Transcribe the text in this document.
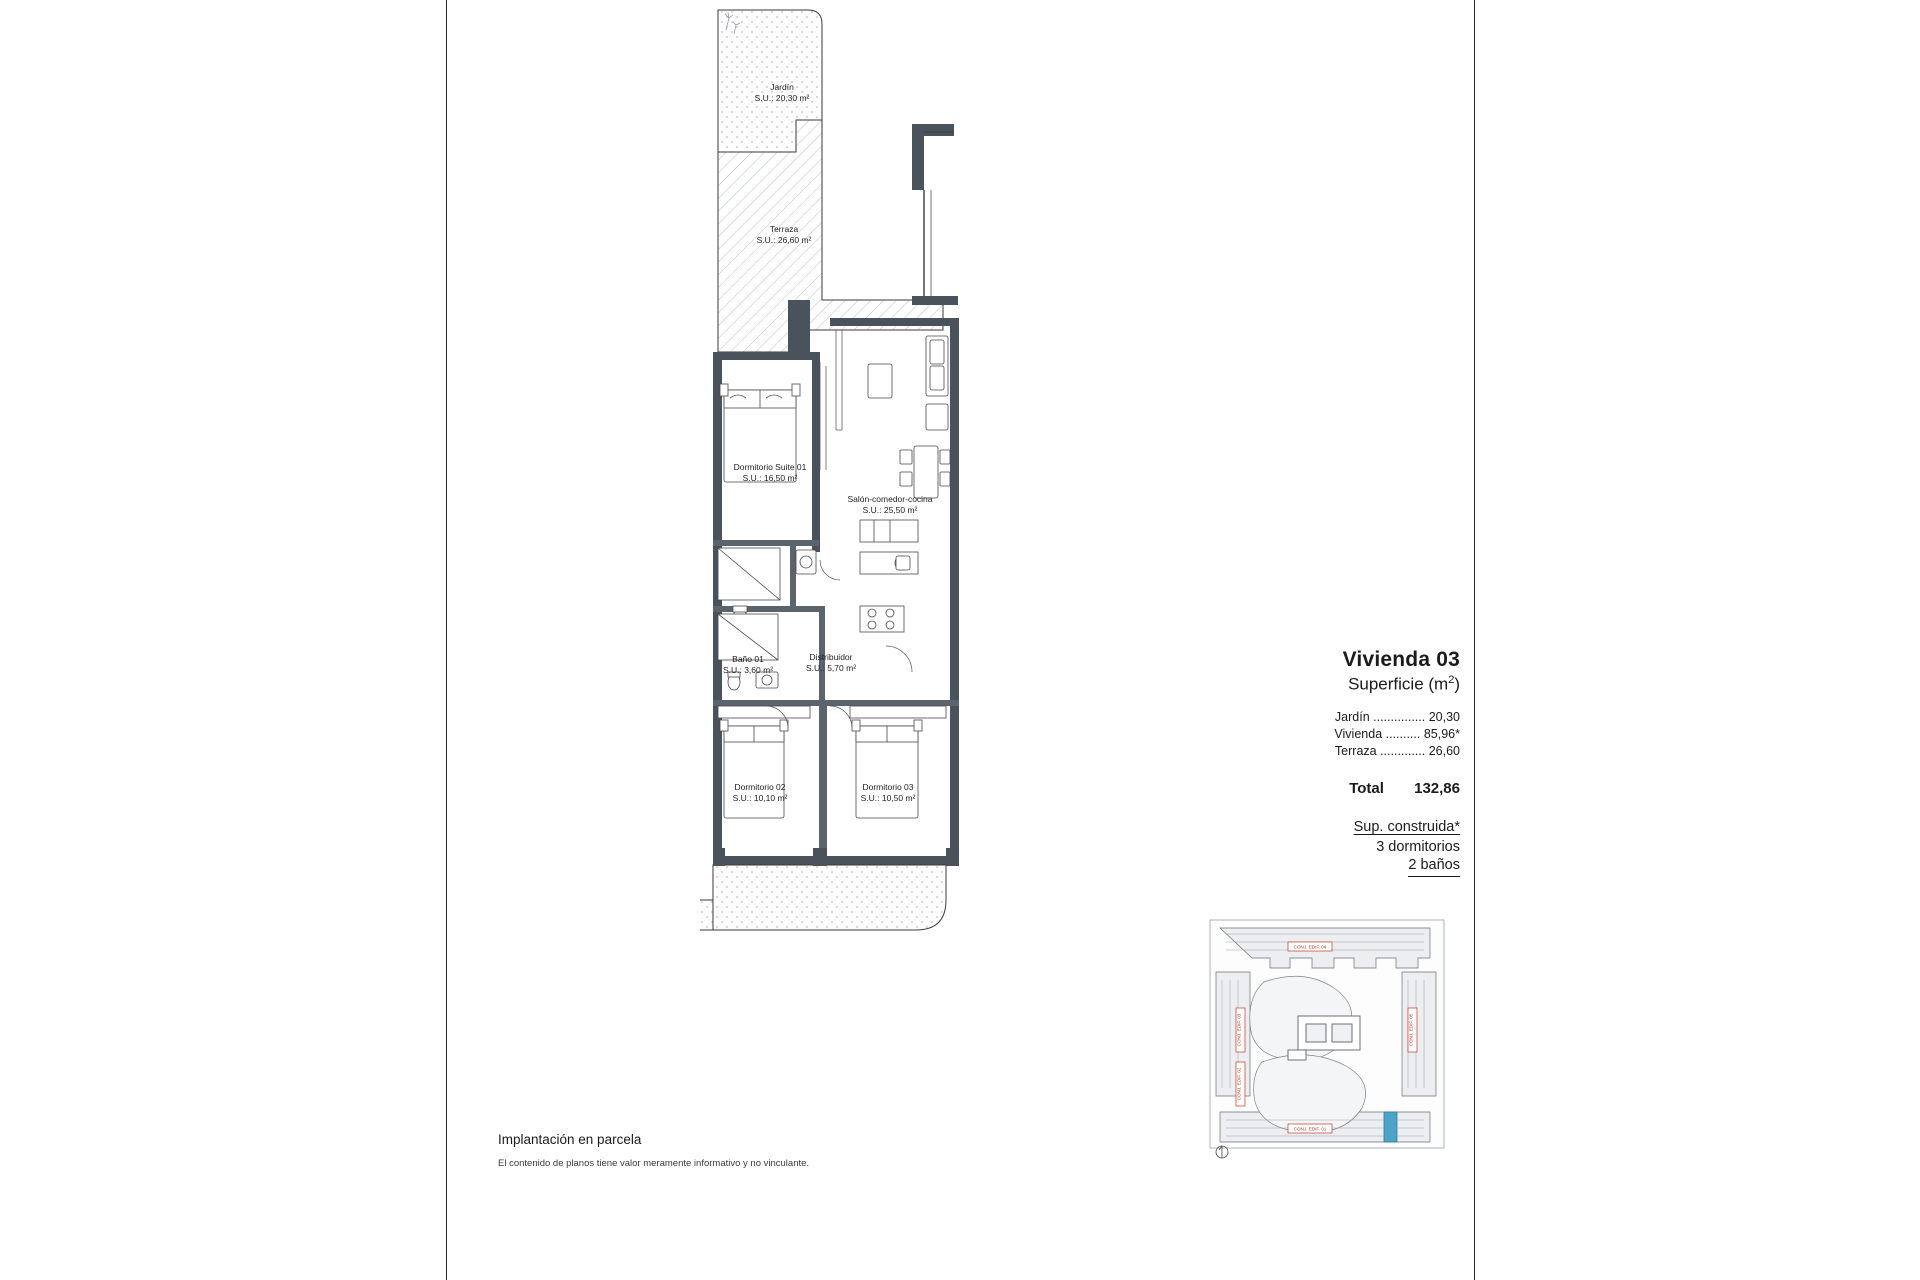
Jardín
S.U.: 20,30 m²
Terraza
S.U.: 26,60 m²
Dormitorio Suite 01
S.U.: 16,50 m²
Salón-comedor-cocina
S.U.: 25,50 m²
Baño 01
S.U.: 3,60 m²
Distribuidor
S.U.: 5,70 m²
Dormitorio 02
S.U.: 10,10 m²
Dormitorio 03
S.U.: 10,50 m²
Vivienda 03
Superficie $(m^2)$
Jardín ............... 20,30
Vivienda .......... 85,96*
Terraza ............. 26,60
Total 132,86
Sup. construida*
3 dormitorios
2 baños
CONJ. EDIF. 04
CONJ. EDIF. 05
CONJ. EDIF. 03
CONJ. EDIF. 02
CONJ. EDIF. 01
Implantación en parcela
El contenido de planos tiene valor meramente informativo y no vinculante.
